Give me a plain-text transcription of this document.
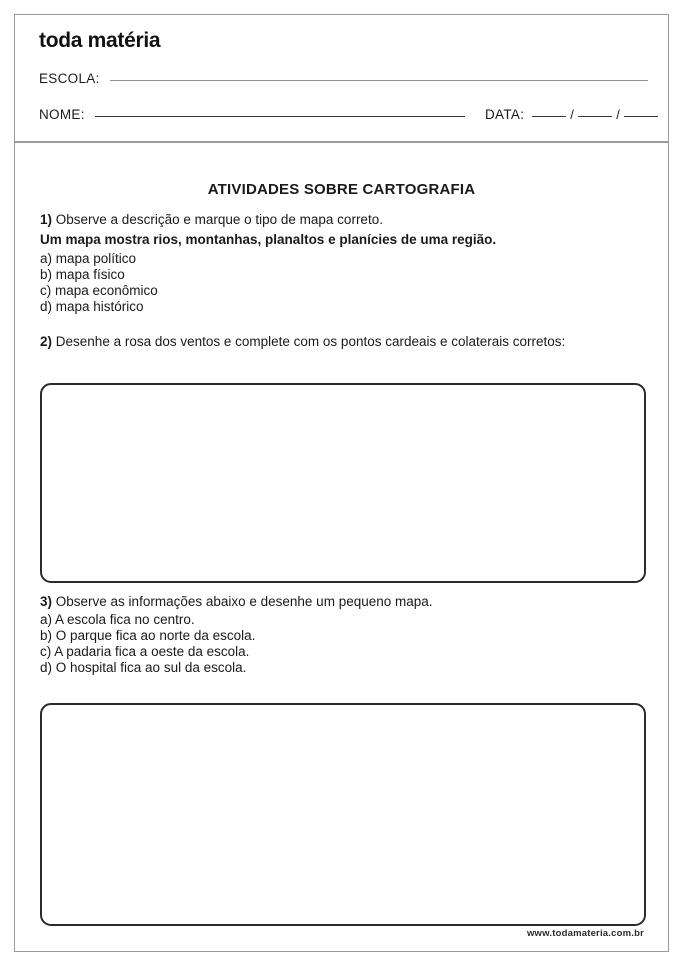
toda matéria
ESCOLA:
NOME:	DATA:	/	/
ATIVIDADES SOBRE CARTOGRAFIA
1) Observe a descrição e marque o tipo de mapa correto.
Um mapa mostra rios, montanhas, planaltos e planícies de uma região.
a) mapa político
b) mapa físico
c) mapa econômico
d) mapa histórico
2) Desenhe a rosa dos ventos e complete com os pontos cardeais e colaterais corretos:
3) Observe as informações abaixo e desenhe um pequeno mapa.
a) A escola fica no centro.
b) O parque fica ao norte da escola.
c) A padaria fica a oeste da escola.
d) O hospital fica ao sul da escola.
www.todamateria.com.br
